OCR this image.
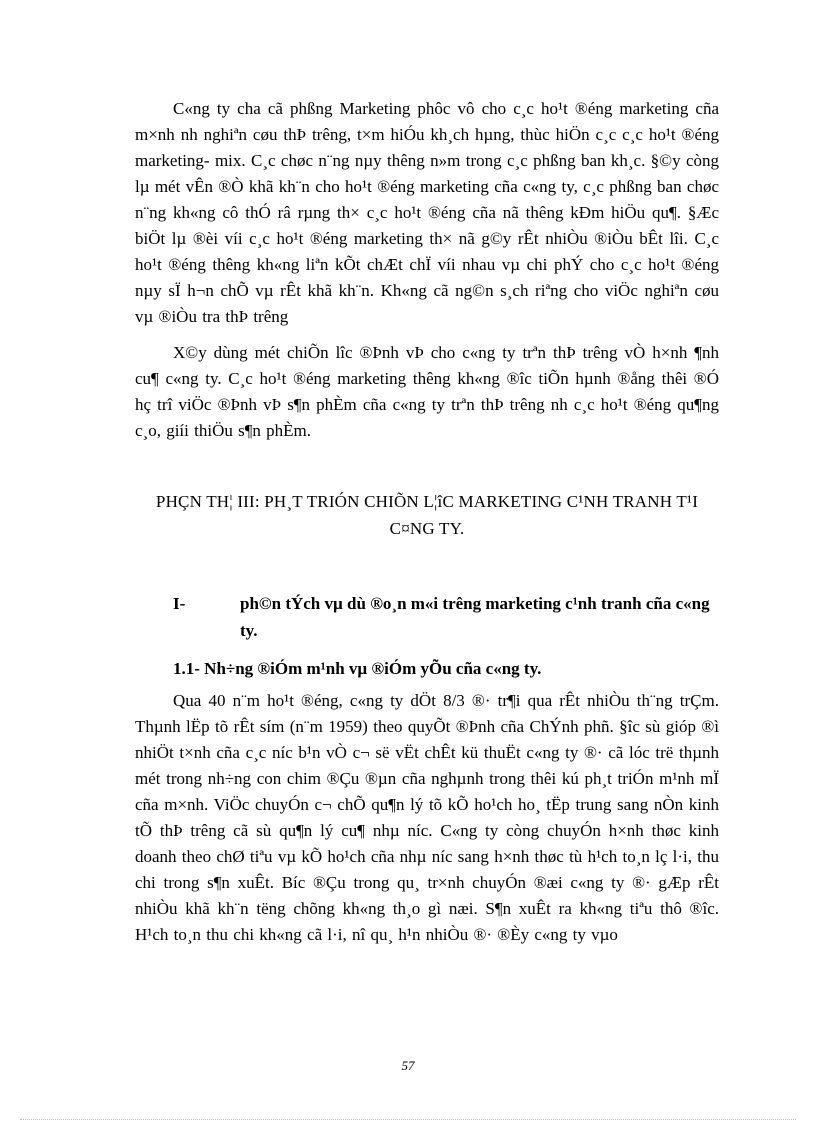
C«ng ty cha cã phßng Marketing phôc vô cho c¸c ho¹t ®éng marketing cña m×nh nh nghiªn cøu thÞ trêng, t×m hiÓu kh¸ch hµng, thùc hiÖn c¸c c¸c ho¹t ®éng marketing- mix. C¸c chøc n¨ng nµy thêng n»m trong c¸c phßng ban kh¸c. §©y còng lµ mét vÊn ®Ò khã kh¨n cho ho¹t ®éng marketing cña c«ng ty, c¸c phßng ban chøc n¨ng kh«ng cô thÓ râ rµng th× c¸c ho¹t ®éng cña nã thêng kÐm hiÖu qu¶. §Æc biÖt lµ ®èi víi c¸c ho¹t ®éng marketing th× nã g©y rÊt nhiÒu ®iÒu bÊt lîi. C¸c ho¹t ®éng thêng kh«ng liªn kÕt chÆt chÏ víi nhau vµ chi phÝ cho c¸c ho¹t ®éng nµy sÏ h¬n chÕ vµ rÊt khã kh¨n. Kh«ng cã ng©n s¸ch riªng cho viÖc nghiªn cøu vµ ®iÒu tra thÞ trêng

X©y dùng mét chiÕn lîc ®Þnh vÞ cho c«ng ty trªn thÞ trêng vÒ h×nh ¶nh cu¶ c«ng ty. C¸c ho¹t ®éng marketing thêng kh«ng ®îc tiÕn hµnh ®ång thêi ®Ó hç trî viÖc ®Þnh vÞ s¶n phÈm cña c«ng ty trªn thÞ trêng nh c¸c ho¹t ®éng qu¶ng c¸o, giíi thiÖu s¶n phÈm.

PHÇN TH¦ III: PH¸T TRIÓN CHIÕN L¦îC MARKETING C¹NH TRANH T¹I C¤NG TY.
I-	ph©n tÝch vµ dù ®o¸n m«i trêng marketing c¹nh tranh cña c«ng ty.
1.1- Nh÷ng ®iÓm m¹nh vµ ®iÓm yÕu cña c«ng ty.

Qua 40 n¨m ho¹t ®éng, c«ng ty dÖt 8/3 ®· tr¶i qua rÊt nhiÒu th¨ng trÇm. Thµnh lËp tõ rÊt sím (n¨m 1959) theo quyÕt ®Þnh cña ChÝnh phñ. §îc sù gióp ®ì nhiÖt t×nh cña c¸c níc b¹n vÒ c¬ së vËt chÊt kü thuËt c«ng ty ®· cã lóc trë thµnh mét trong nh÷ng con chim ®Çu ®µn cña nghµnh trong thêi kú ph¸t triÓn m¹nh mÏ cña m×nh. ViÖc chuyÓn c¬ chÕ qu¶n lý tõ kÕ ho¹ch ho¸ tËp trung sang nÒn kinh tÕ thÞ trêng cã sù qu¶n lý cu¶ nhµ níc. C«ng ty còng chuyÓn h×nh thøc kinh doanh theo chØ tiªu vµ kÕ ho¹ch cña nhµ níc sang h×nh thøc tù h¹ch to¸n lç l·i, thu chi trong s¶n xuÊt. Bíc ®Çu trong qu¸ tr×nh chuyÓn ®æi c«ng ty ®· gÆp rÊt nhiÒu khã kh¨n tëng chõng kh«ng th¸o gì næi. S¶n xuÊt ra kh«ng tiªu thô ®îc. H¹ch to¸n thu chi kh«ng cã l·i, nî qu¸ h¹n nhiÒu ®· ®Èy c«ng ty vµo

57
